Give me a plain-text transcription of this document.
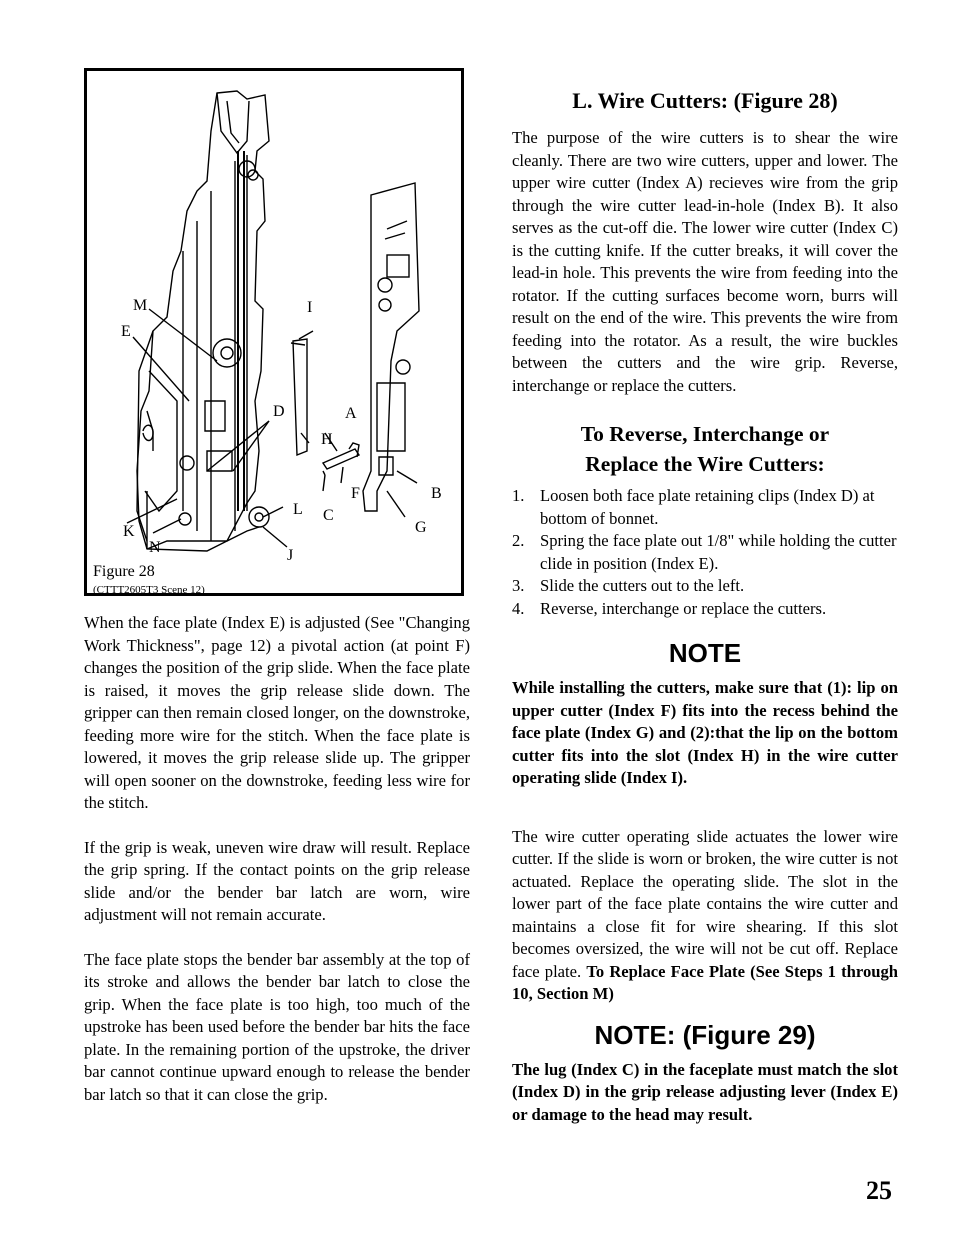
M
E
I
D	A
H
F	B
L C
G
K
N	J
Figure 28
(CTTT2605T3 Scene 12)

When the face plate (Index E) is adjusted (See "Changing Work Thickness", page 12) a pivotal action (at point F) changes the position of the grip slide. When the face plate is raised, it moves the grip release slide down. The gripper can then remain closed longer, on the downstroke, feeding more wire for the stitch. When the face plate is lowered, it moves the grip release slide up. The gripper will open sooner on the downstroke, feeding less wire for the stitch.

If the grip is weak, uneven wire draw will result. Replace the grip spring. If the contact points on the grip release slide and/or the bender bar latch are worn, wire adjustment will not remain accurate.

The face plate stops the bender bar assembly at the top of its stroke and allows the bender bar latch to close the grip. When the face plate is too high, too much of the upstroke has been used before the bender bar hits the face plate. In the remaining portion of the upstroke, the driver bar cannot continue upward enough to release the bender bar latch so that it can close the grip.

L. Wire Cutters: (Figure 28)

The purpose of the wire cutters is to shear the wire cleanly. There are two wire cutters, upper and lower. The upper wire cutter (Index A) recieves wire from the grip through the wire cutter lead-in-hole (Index B). It also serves as the cut-off die. The lower wire cutter (Index C) is the cutting knife. If the cutter breaks, it will cover the lead-in hole. This prevents the wire from feeding into the rotator. If the cutting surfaces become worn, burrs will result on the end of the wire. This prevents the wire from feeding into the rotator. As a result, the wire buckles between the cutters and the wire grip. Reverse, interchange or replace the cutters.

To Reverse, Interchange or
Replace the Wire Cutters:
1. Loosen both face plate retaining clips (Index D) at bottom of bonnet.
2. Spring the face plate out 1/8" while holding the cutter clide in position (Index E).
3. Slide the cutters out to the left.
4. Reverse, interchange or replace the cutters.
NOTE

While installing the cutters, make sure that (1): lip on upper cutter (Index F) fits into the recess behind the face plate (Index G) and (2):that the lip on the bottom cutter fits into the slot (Index H) in the wire cutter operating slide (Index I).

The wire cutter operating slide actuates the lower wire cutter. If the slide is worn or broken, the wire cutter is not actuated. Replace the operating slide. The slot in the lower part of the face plate contains the wire cutter and maintains a close fit for wire shearing. If this slot becomes oversized, the wire will not be cut off. Replace face plate. To Replace Face Plate (See Steps 1 through 10, Section M)

NOTE: (Figure 29)

The lug (Index C) in the faceplate must match the slot (Index D) in the grip release adjusting lever (Index E) or damage to the head may result.

25
